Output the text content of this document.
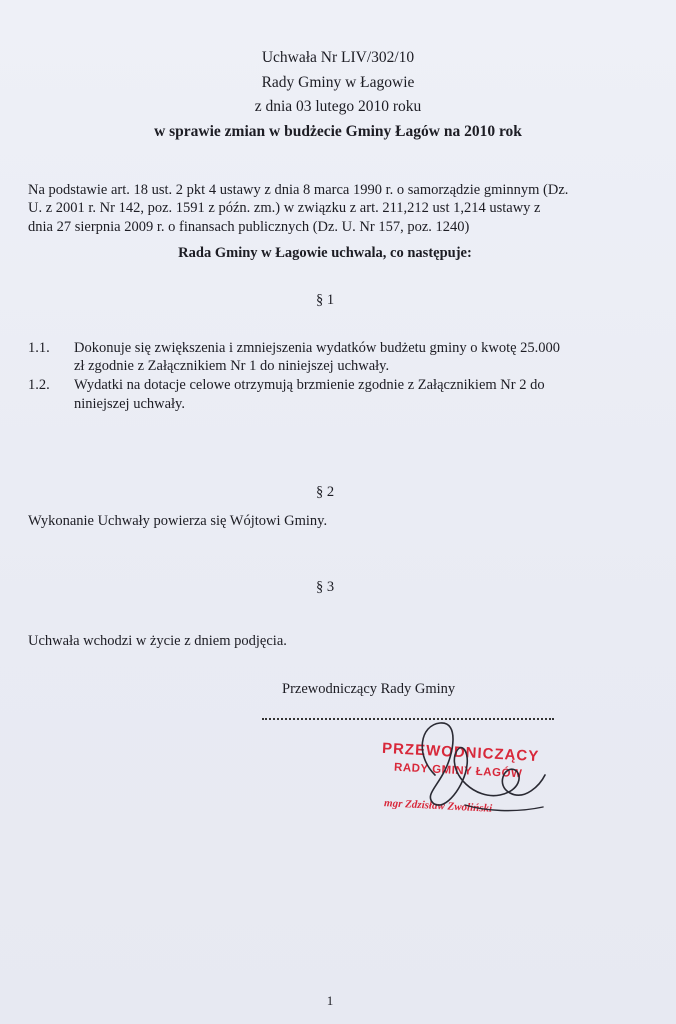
Uchwała Nr LIV/302/10
Rady Gminy w Łagowie
z dnia 03 lutego 2010 roku
w sprawie zmian w budżecie Gminy Łagów na 2010 rok
Na podstawie art. 18 ust. 2 pkt 4 ustawy z dnia 8 marca 1990 r. o samorządzie gminnym (Dz.
U. z 2001 r. Nr 142, poz. 1591 z późn. zm.) w związku z art. 211,212 ust 1,214 ustawy z
dnia 27 sierpnia 2009 r. o finansach publicznych (Dz. U. Nr 157, poz. 1240)
Rada Gminy w Łagowie uchwala, co następuje:
§ 1
1.1.	Dokonuje się zwiększenia i zmniejszenia wydatków budżetu gminy o kwotę 25.000
zł zgodnie z Załącznikiem Nr 1 do niniejszej uchwały.
1.2.	Wydatki na dotacje celowe otrzymują brzmienie zgodnie z Załącznikiem Nr 2 do
niniejszej uchwały.
§ 2
Wykonanie Uchwały powierza się Wójtowi Gminy.
§ 3
Uchwała wchodzi w życie z dniem podjęcia.
Przewodniczący Rady Gminy
PRZEWODNICZĄCY
RADY GMINY ŁAGÓW
mgr Zdzisław Zwoliński
1
